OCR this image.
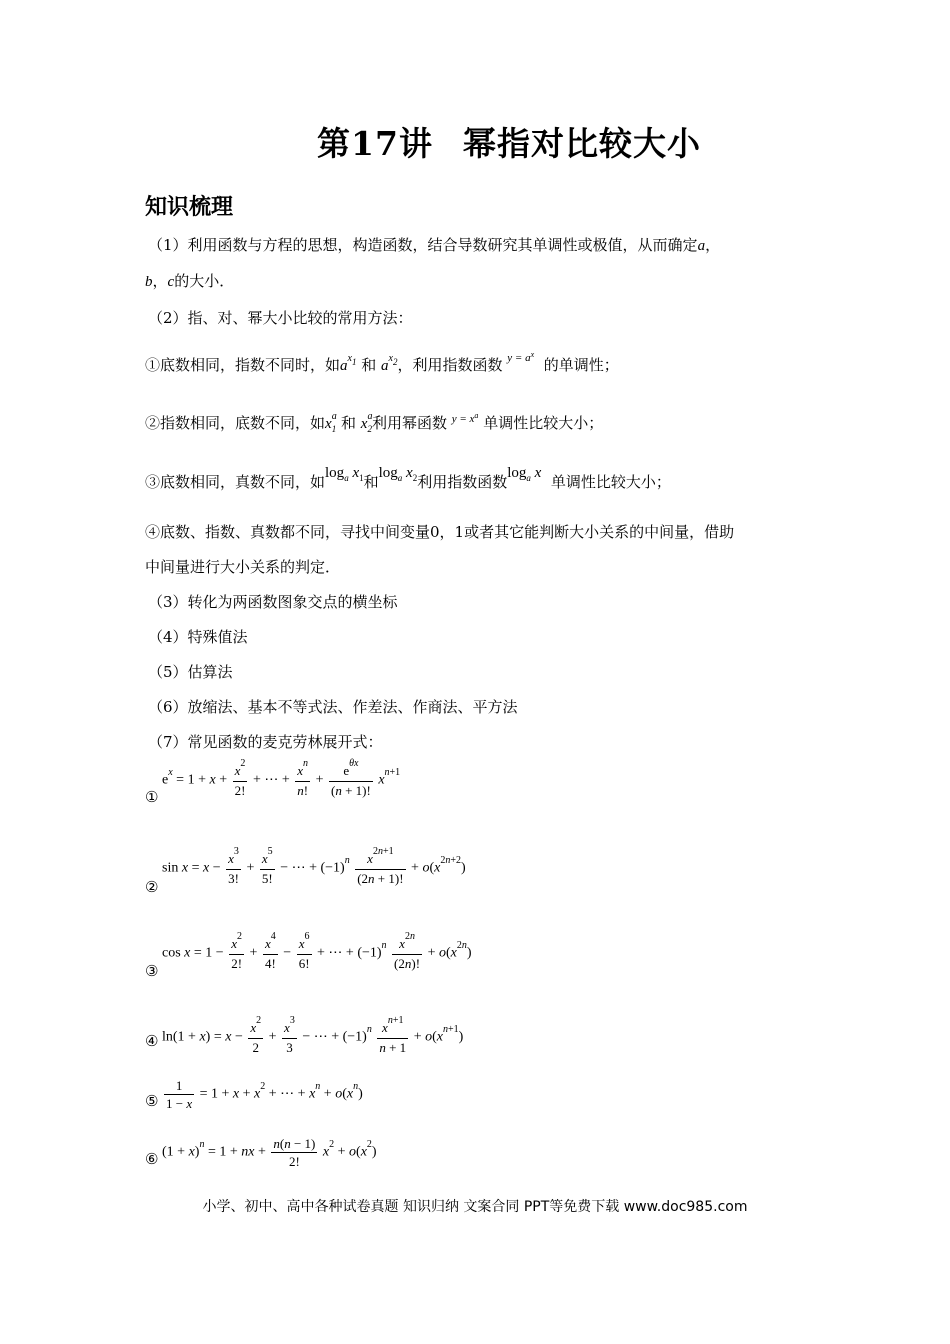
第17讲 幂指对比较大小
知识梳理
（1）利用函数与方程的思想，构造函数，结合导数研究其单调性或极值，从而确定a，
b，c的大小．
（2）指、对、幂大小比较的常用方法：
①底数相同，指数不同时，如$a^{x1}$ 和 $a^{x2}$，利用指数函数 $^{y = a^x}$  的单调性；
②指数相同，底数不同，如$x^a_1$ 和 $x^a_2$利用幂函数 $^{y = x^a}$ 单调性比较大小；
③底数相同，真数不同，如$\log_a x_1$和$\log_a x_2$利用指数函数$\log_a x$ 单调性比较大小；
④底数、指数、真数都不同，寻找中间变量0，1或者其它能判断大小关系的中间量，借助
中间量进行大小关系的判定．
（3）转化为两函数图象交点的横坐标
（4）特殊值法
（5）估算法
（6）放缩法、基本不等式法、作差法、作商法、平方法
（7）常见函数的麦克劳林展开式：
①
$e^x = 1 + x + \frac{x^2}{2!}$ + ⋯ + $\frac{x^n}{n!} + \frac{e^{\theta x}}{(n + 1)!} x^{n+1}$
②
$\sin x = x - \frac{x^3}{3!} + \frac{x^5}{5!}$ − ⋯ + $(-1)^n \frac{x^{2n+1}}{(2n + 1)!} + o(x^{2n+2})$
③
$\cos x = 1 - \frac{x^2}{2!} + \frac{x^4}{4!} - \frac{x^6}{6!}$ + ⋯ + $(-1)^n \frac{x^{2n}}{(2n)!} + o(x^{2n})$
④ $\ln(1 + x) = x - \frac{x^2}{2} + \frac{x^3}{3}$ − ⋯ + $(-1)^n \frac{x^{n+1}}{n + 1} + o(x^{n+1})$
⑤ $\frac{1}{1 - x} = 1 + x + x^2$ + ⋯ + $x^n + o(x^n)$
⑥ $(1 + x)^n = 1$ + nx + $\frac{n(n - 1)}{2!} x^2 + o(x^2)$
小学、初中、高中各种试卷真题 知识归纳 文案合同 PPT等免费下载 www.doc985.com
